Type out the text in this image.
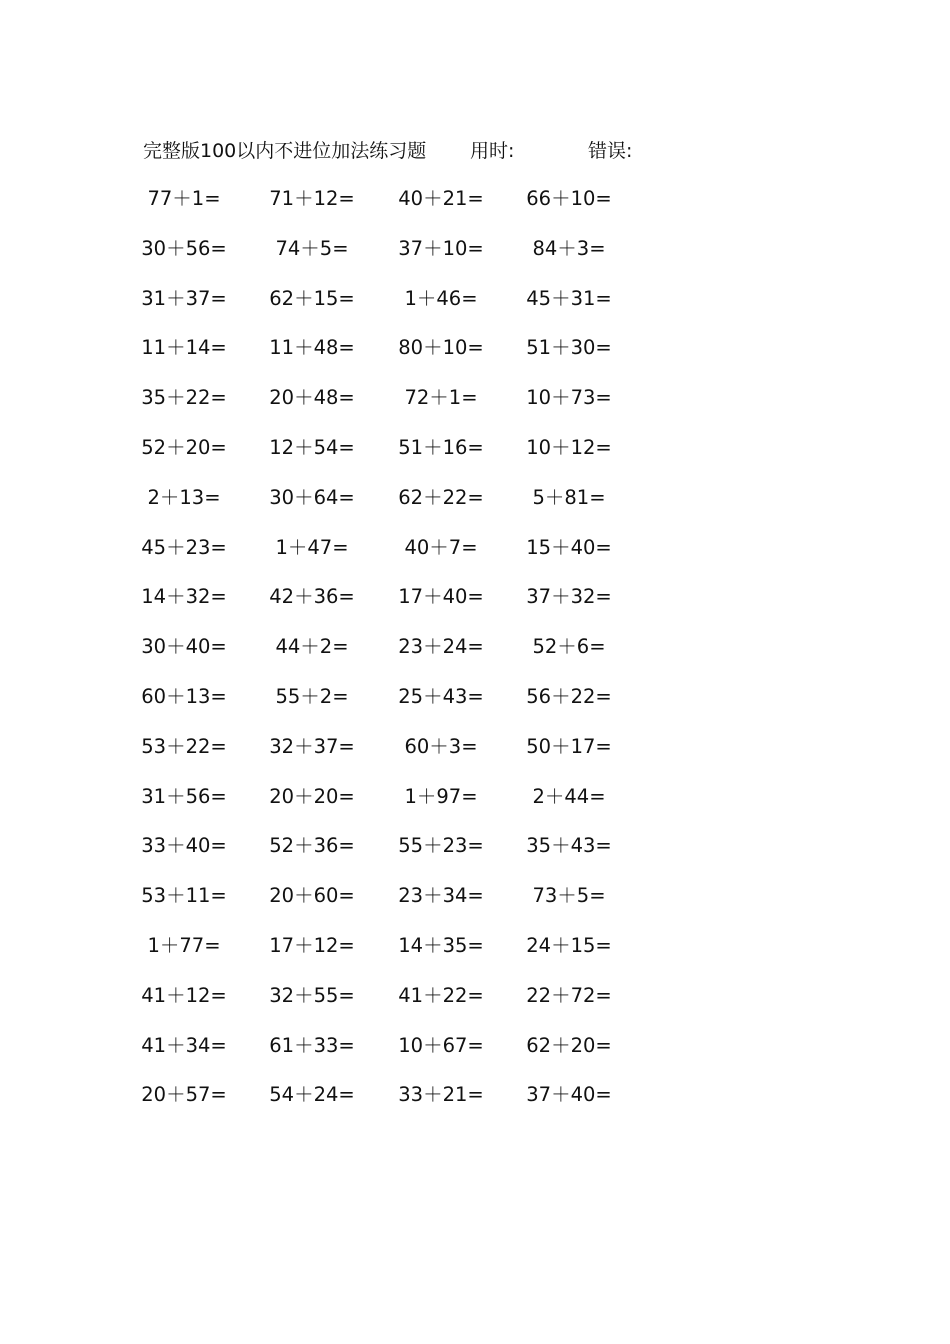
完整版100以内不进位加法练习题 用时:	错误:
77＋1=	71＋12=	40＋21=	66＋10=
30＋56=	74＋5=	37＋10=	84＋3=
31＋37=	62＋15=	1＋46=	45＋31=
11＋14=	11＋48=	80＋10=	51＋30=
35＋22=	20＋48=	72＋1=	10＋73=
52＋20=	12＋54=	51＋16=	10＋12=
2＋13=	30＋64=	62＋22=	5＋81=
45＋23=	1＋47=	40＋7=	15＋40=
14＋32=	42＋36=	17＋40=	37＋32=
30＋40=	44＋2=	23＋24=	52＋6=
60＋13=	55＋2=	25＋43=	56＋22=
53＋22=	32＋37=	60＋3=	50＋17=
31＋56=	20＋20=	1＋97=	2＋44=
33＋40=	52＋36=	55＋23=	35＋43=
53＋11=	20＋60=	23＋34=	73＋5=
1＋77=	17＋12=	14＋35=	24＋15=
41＋12=	32＋55=	41＋22=	22＋72=
41＋34=	61＋33=	10＋67=	62＋20=
20＋57=	54＋24=	33＋21=	37＋40=
